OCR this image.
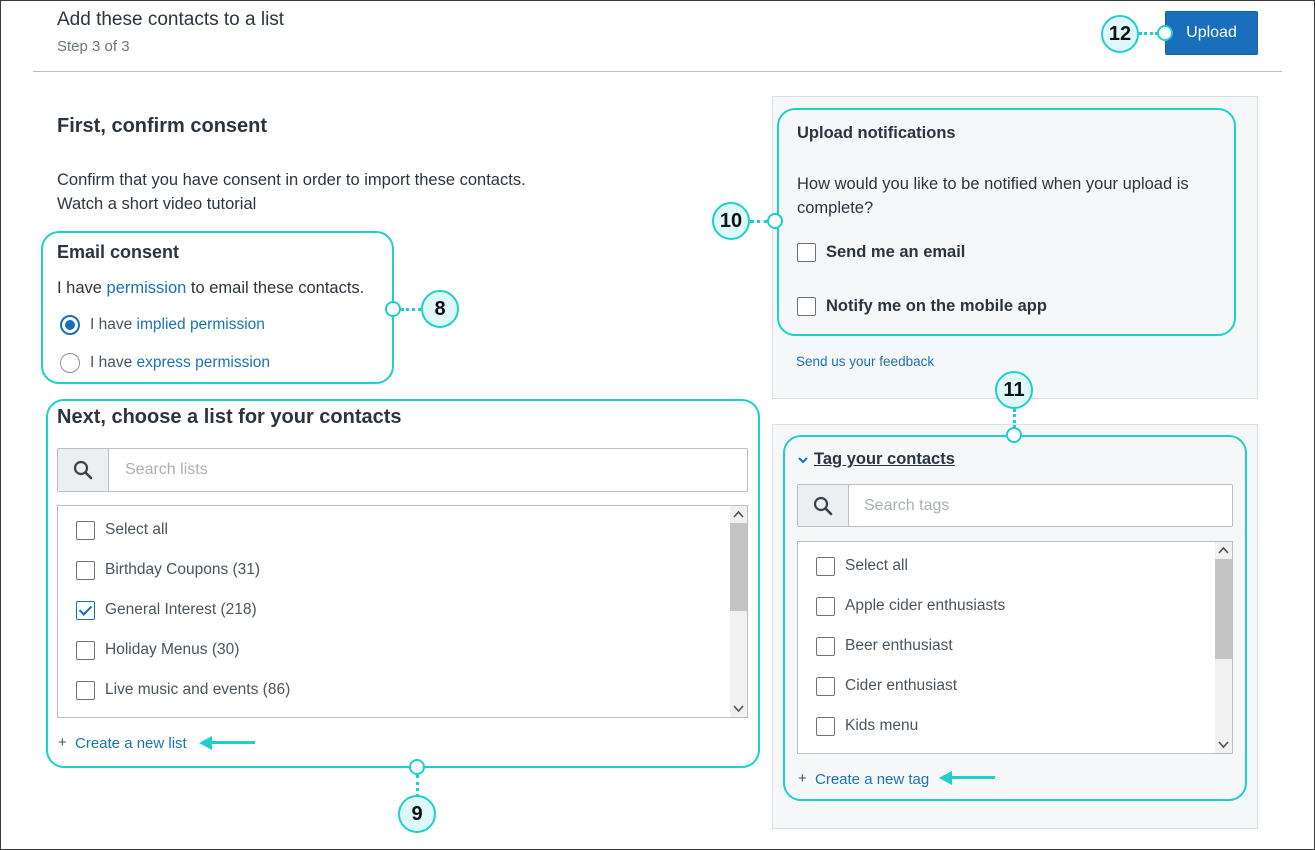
Add these contacts to a list
Step 3 of 3
Upload
12
First, confirm consent
Confirm that you have consent in order to import these contacts.
Watch a short video tutorial
Email consent
I have permission to email these contacts.
I have implied permission
I have express permission
8
Next, choose a list for your contacts
Search lists
Select all
Birthday Coupons (31)
General Interest (218)
Holiday Menus (30)
Live music and events (86)
+ Create a new list
9
Upload notifications
How would you like to be notified when your upload is complete?
Send me an email
Notify me on the mobile app
Send us your feedback
10
Tag your contacts
Search tags
Select all
Apple cider enthusiasts
Beer enthusiast
Cider enthusiast
Kids menu
+ Create a new tag
11
